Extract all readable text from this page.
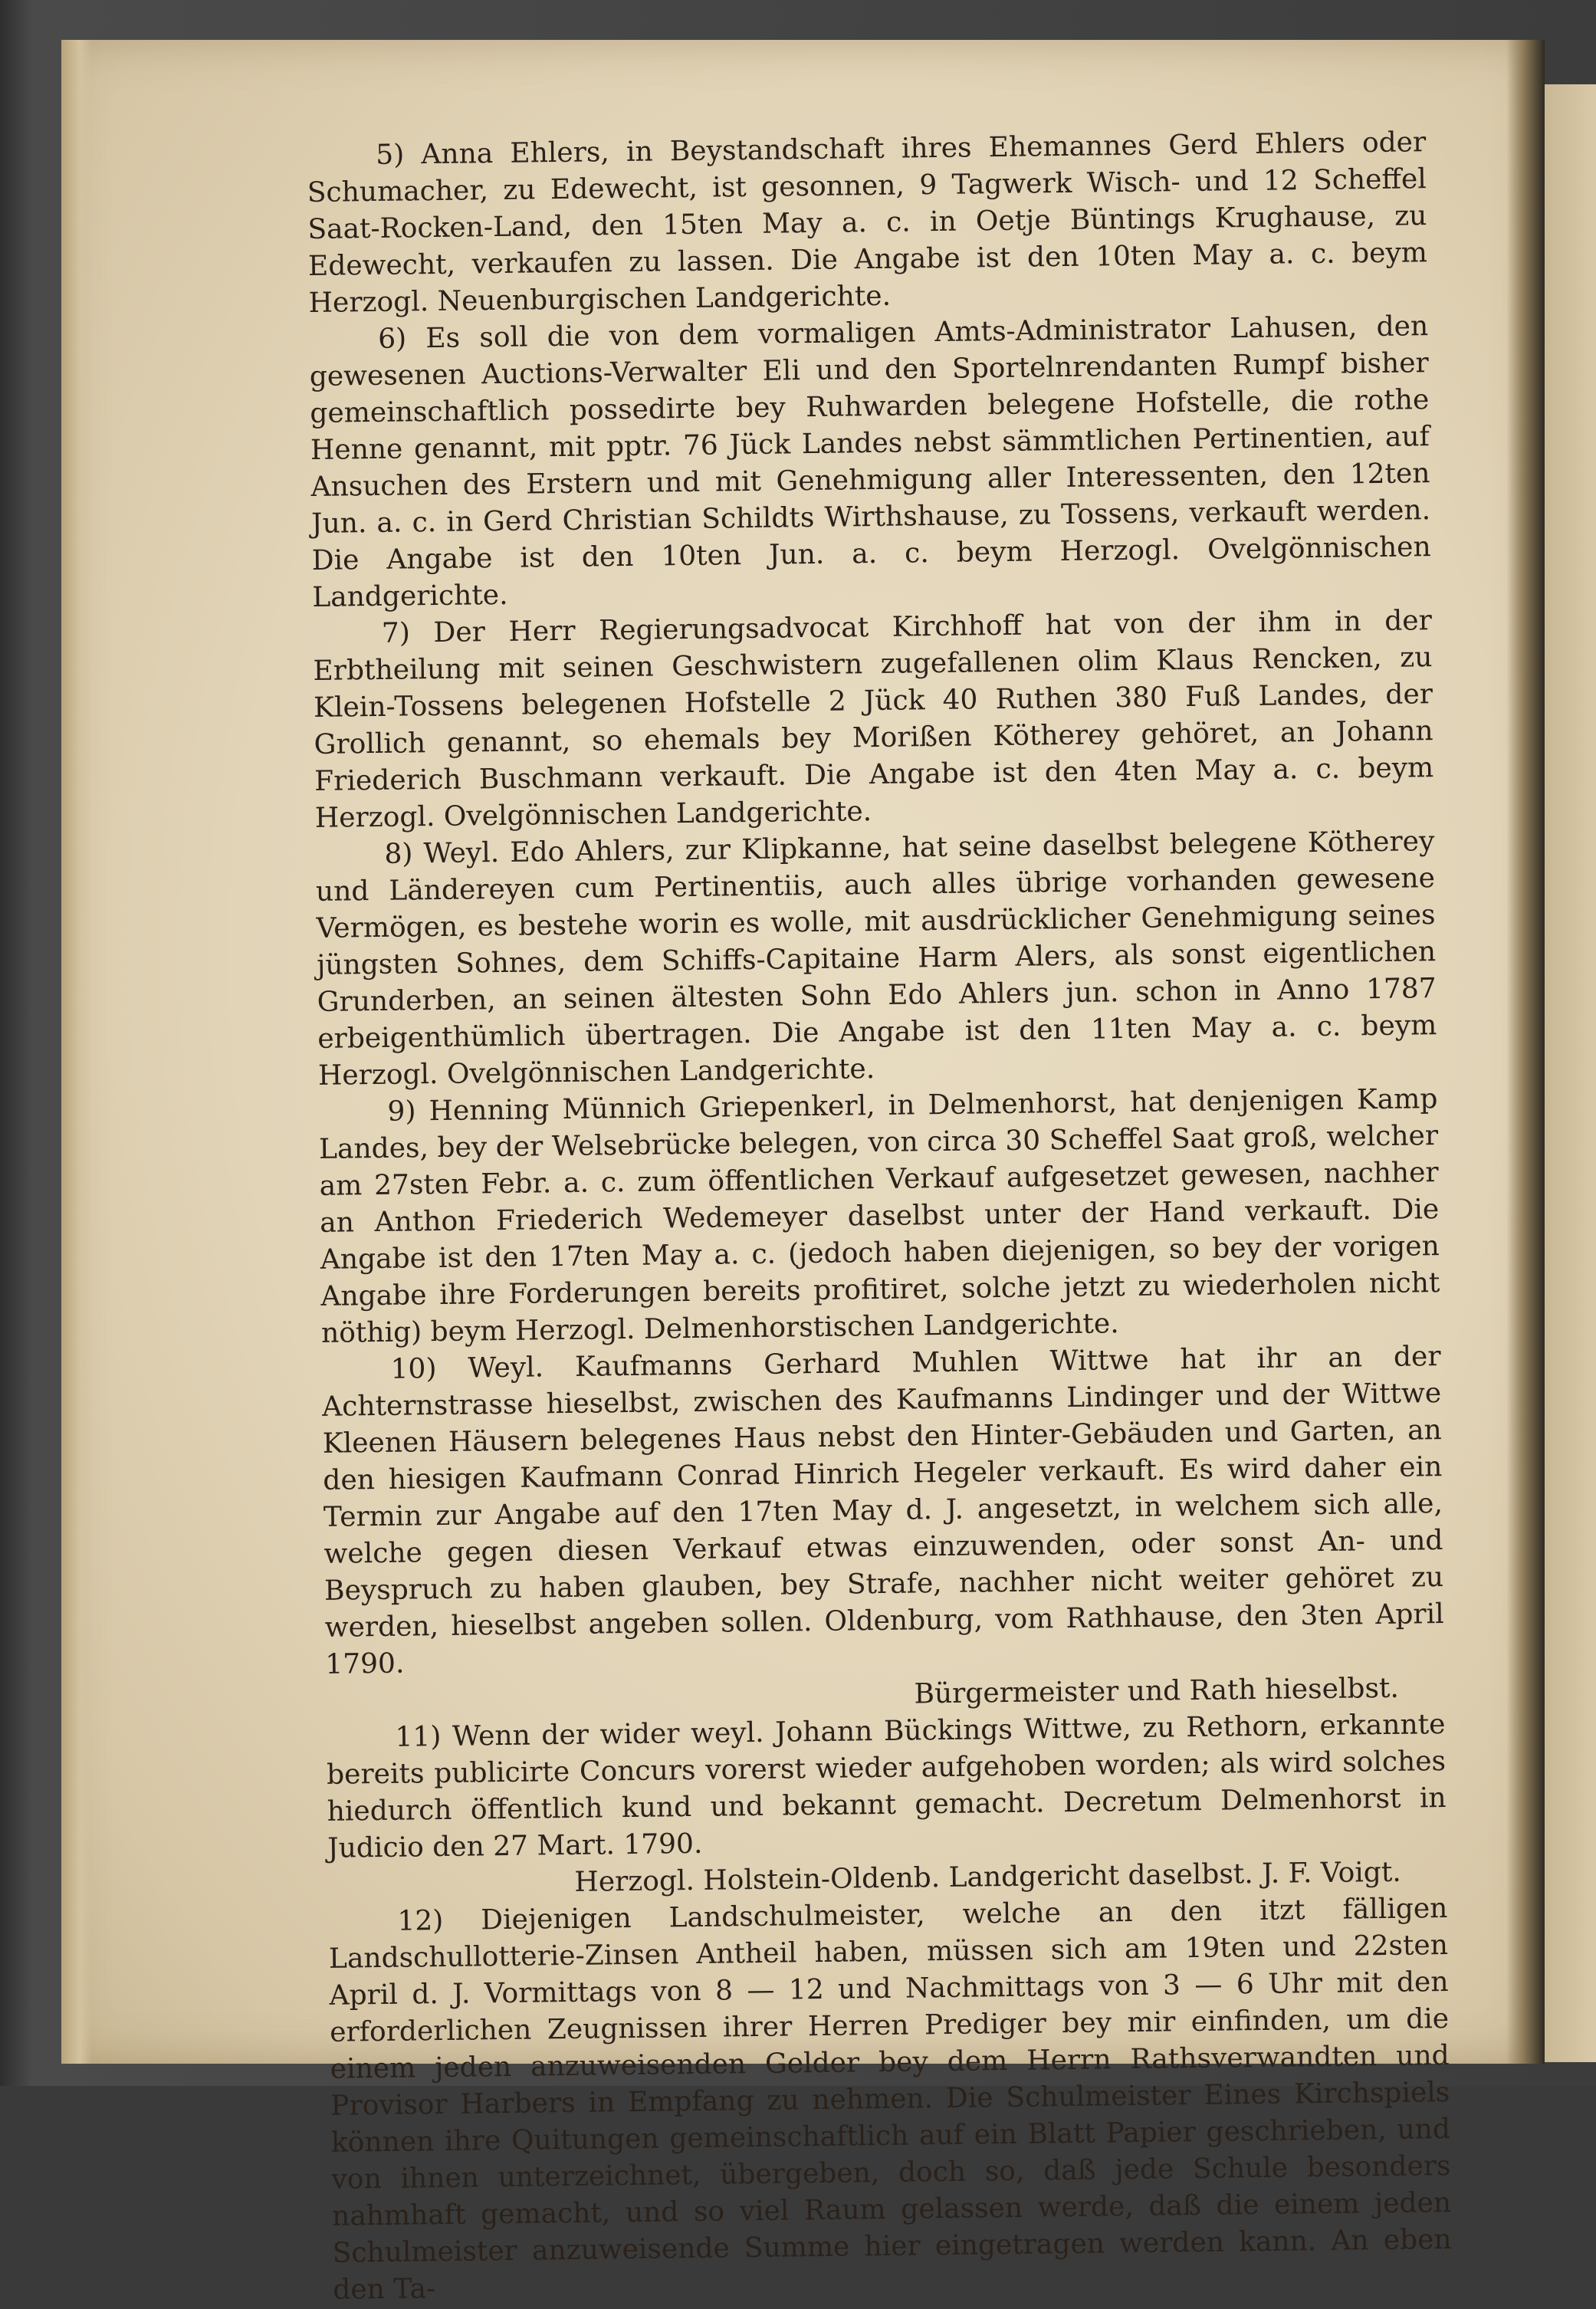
5) Anna Ehlers, in Beystandschaft ihres Ehemannes Gerd Ehlers oder Schumacher, zu Edewecht, ist gesonnen, 9 Tagwerk Wisch- und 12 Scheffel Saat-Rocken-Land, den 15ten May a. c. in Oetje Büntings Krughause, zu Edewecht, verkaufen zu lassen. Die Angabe ist den 10ten May a. c. beym Herzogl. Neuenburgischen Landgerichte.

6) Es soll die von dem vormaligen Amts-Administrator Lahusen, den gewesenen Auctions-Verwalter Eli und den Sportelnrendanten Rumpf bisher gemeinschaftlich possedirte bey Ruhwarden belegene Hofstelle, die rothe Henne genannt, mit pptr. 76 Jück Landes nebst sämmtlichen Pertinentien, auf Ansuchen des Erstern und mit Genehmigung aller Interessenten, den 12ten Jun. a. c. in Gerd Christian Schildts Wirthshause, zu Tossens, verkauft werden. Die Angabe ist den 10ten Jun. a. c. beym Herzogl. Ovelgönnischen Landgerichte.

7) Der Herr Regierungsadvocat Kirchhoff hat von der ihm in der Erbtheilung mit seinen Geschwistern zugefallenen olim Klaus Rencken, zu Klein-Tossens belegenen Hofstelle 2 Jück 40 Ruthen 380 Fuß Landes, der Grollich genannt, so ehemals bey Morißen Kötherey gehöret, an Johann Friederich Buschmann verkauft. Die Angabe ist den 4ten May a. c. beym Herzogl. Ovelgönnischen Landgerichte.

8) Weyl. Edo Ahlers, zur Klipkanne, hat seine daselbst belegene Kötherey und Ländereyen cum Pertinentiis, auch alles übrige vorhanden gewesene Vermögen, es bestehe worin es wolle, mit ausdrücklicher Genehmigung seines jüngsten Sohnes, dem Schiffs-Capitaine Harm Alers, als sonst eigentlichen Grunderben, an seinen ältesten Sohn Edo Ahlers jun. schon in Anno 1787 erbeigenthümlich übertragen. Die Angabe ist den 11ten May a. c. beym Herzogl. Ovelgönnischen Landgerichte.

9) Henning Münnich Griepenkerl, in Delmenhorst, hat denjenigen Kamp Landes, bey der Welsebrücke belegen, von circa 30 Scheffel Saat groß, welcher am 27sten Febr. a. c. zum öffentlichen Verkauf aufgesetzet gewesen, nachher an Anthon Friederich Wedemeyer daselbst unter der Hand verkauft. Die Angabe ist den 17ten May a. c. (jedoch haben diejenigen, so bey der vorigen Angabe ihre Forderungen bereits profitiret, solche jetzt zu wiederholen nicht nöthig) beym Herzogl. Delmenhorstischen Landgerichte.

10) Weyl. Kaufmanns Gerhard Muhlen Wittwe hat ihr an der Achternstrasse hieselbst, zwischen des Kaufmanns Lindinger und der Wittwe Kleenen Häusern belegenes Haus nebst den Hinter-Gebäuden und Garten, an den hiesigen Kaufmann Conrad Hinrich Hegeler verkauft. Es wird daher ein Termin zur Angabe auf den 17ten May d. J. angesetzt, in welchem sich alle, welche gegen diesen Verkauf etwas einzuwenden, oder sonst An- und Beyspruch zu haben glauben, bey Strafe, nachher nicht weiter gehöret zu werden, hieselbst angeben sollen. Oldenburg, vom Rathhause, den 3ten April 1790.

Bürgermeister und Rath hieselbst.

11) Wenn der wider weyl. Johann Bückings Wittwe, zu Rethorn, erkannte bereits publicirte Concurs vorerst wieder aufgehoben worden; als wird solches hiedurch öffentlich kund und bekannt gemacht. Decretum Delmenhorst in Judicio den 27 Mart. 1790.

Herzogl. Holstein-Oldenb. Landgericht daselbst. J. F. Voigt.

12) Diejenigen Landschulmeister, welche an den itzt fälligen Landschullotterie-Zinsen Antheil haben, müssen sich am 19ten und 22sten April d. J. Vormittags von 8 — 12 und Nachmittags von 3 — 6 Uhr mit den erforderlichen Zeugnissen ihrer Herren Prediger bey mir einfinden, um die einem jeden anzuweisenden Gelder bey dem Herrn Rathsverwandten und Provisor Harbers in Empfang zu nehmen. Die Schulmeister Eines Kirchspiels können ihre Quitungen gemeinschaftlich auf ein Blatt Papier geschrieben, und von ihnen unterzeichnet, übergeben, doch so, daß jede Schule besonders nahmhaft gemacht, und so viel Raum gelassen werde, daß die einem jeden Schulmeister anzuweisende Summe hier eingetragen werden kann. An eben den Ta-
